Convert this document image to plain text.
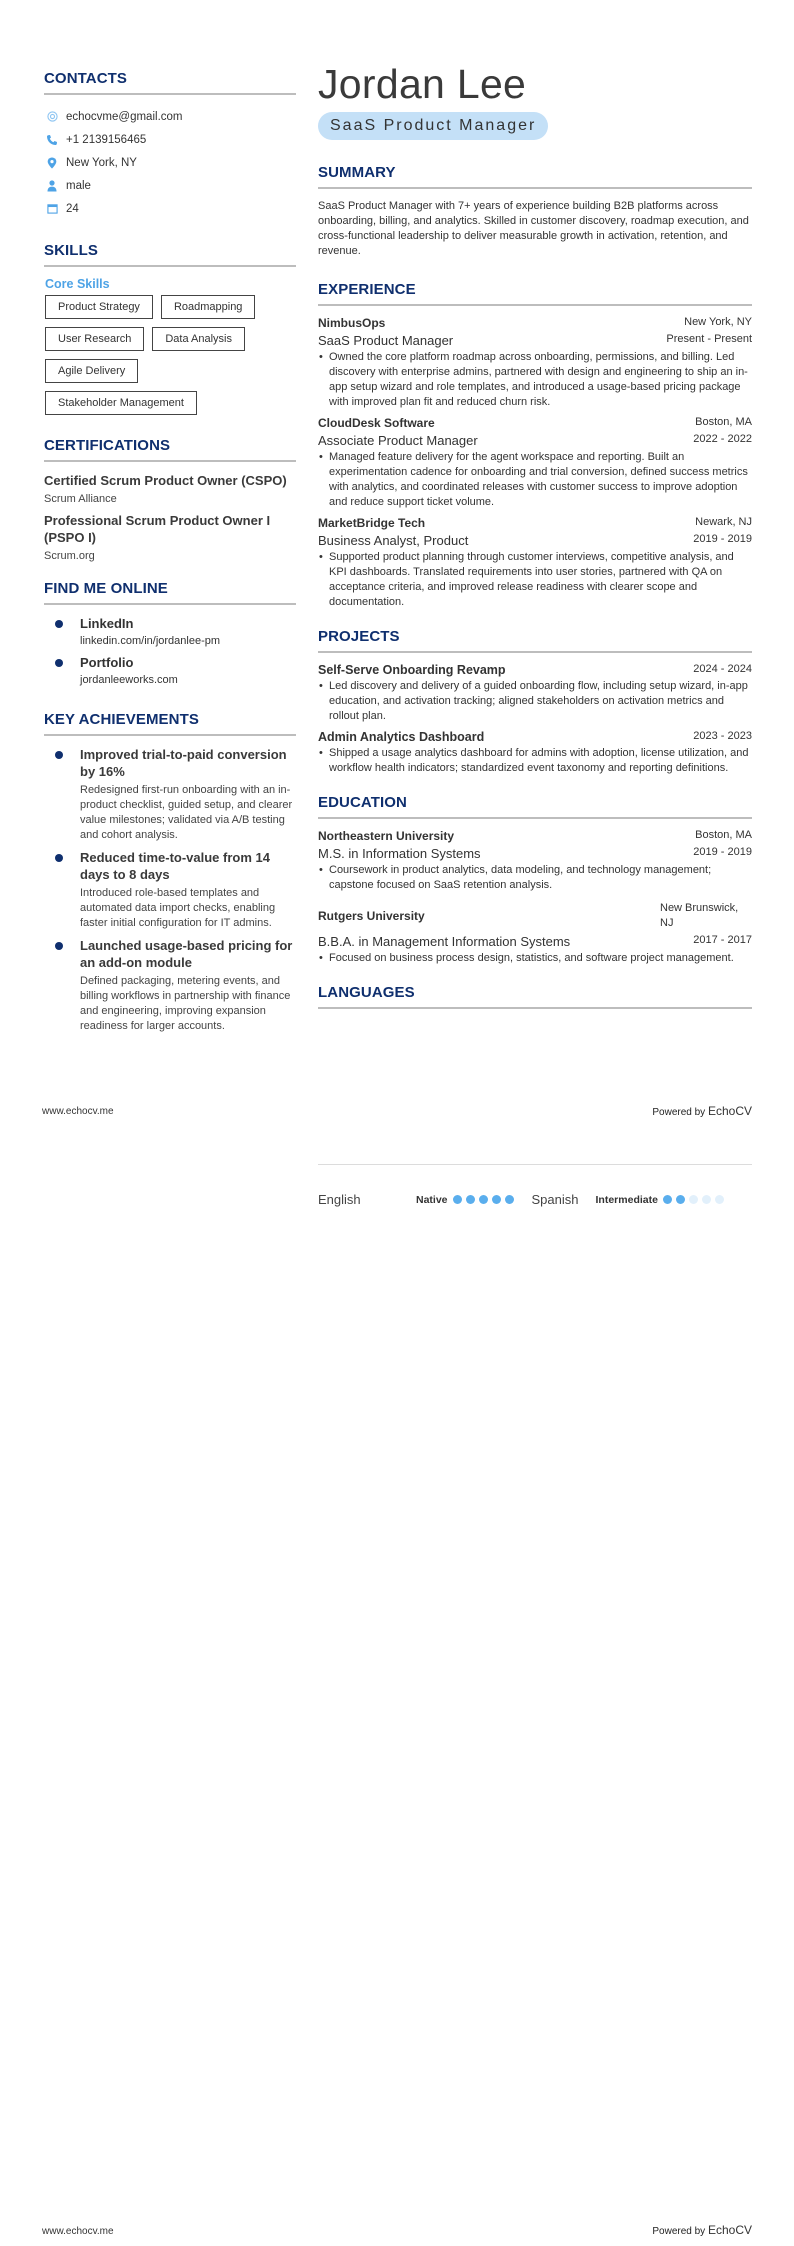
CONTACTS
echocvme@gmail.com
+1 2139156465
New York, NY
male
24
SKILLS
Core Skills
Product Strategy	Roadmapping
User Research	Data Analysis
Agile Delivery
Stakeholder Management
CERTIFICATIONS
Certified Scrum Product Owner (CSPO)
Scrum Alliance
Professional Scrum Product Owner I (PSPO I)
Scrum.org
FIND ME ONLINE
LinkedIn
linkedin.com/in/jordanlee-pm
Portfolio
jordanleeworks.com
KEY ACHIEVEMENTS
Improved trial-to-paid conversion by 16%
Redesigned first-run onboarding with an in-product checklist, guided setup, and clearer value milestones; validated via A/B testing and cohort analysis.
Reduced time-to-value from 14 days to 8 days
Introduced role-based templates and automated data import checks, enabling faster initial configuration for IT admins.
Launched usage-based pricing for an add-on module
Defined packaging, metering events, and billing workflows in partnership with finance and engineering, improving expansion readiness for larger accounts.
Jordan Lee
SaaS Product Manager
SUMMARY

SaaS Product Manager with 7+ years of experience building B2B platforms across onboarding, billing, and analytics. Skilled in customer discovery, roadmap execution, and cross-functional leadership to deliver measurable growth in activation, retention, and revenue.

EXPERIENCE
NimbusOps	New York, NY
SaaS Product Manager	Present - Present
• Owned the core platform roadmap across onboarding, permissions, and billing. Led discovery with enterprise admins, partnered with design and engineering to ship an in-app setup wizard and role templates, and introduced a usage-based pricing package with improved plan fit and reduced churn risk.
CloudDesk Software	Boston, MA
Associate Product Manager	2022 - 2022
• Managed feature delivery for the agent workspace and reporting. Built an experimentation cadence for onboarding and trial conversion, defined success metrics with analytics, and coordinated releases with customer success to improve adoption and reduce support ticket volume.
MarketBridge Tech	Newark, NJ
Business Analyst, Product	2019 - 2019
• Supported product planning through customer interviews, competitive analysis, and KPI dashboards. Translated requirements into user stories, partnered with QA on acceptance criteria, and improved release readiness with clearer scope and documentation.
PROJECTS
Self-Serve Onboarding Revamp	2024 - 2024
• Led discovery and delivery of a guided onboarding flow, including setup wizard, in-app education, and activation tracking; aligned stakeholders on activation metrics and rollout plan.
Admin Analytics Dashboard	2023 - 2023
• Shipped a usage analytics dashboard for admins with adoption, license utilization, and workflow health indicators; standardized event taxonomy and reporting definitions.
EDUCATION
Northeastern University	Boston, MA
M.S. in Information Systems	2019 - 2019
• Coursework in product analytics, data modeling, and technology management; capstone focused on SaaS retention analysis.
Rutgers University
New Brunswick, NJ
B.B.A. in Management Information Systems	2017 - 2017
• Focused on business process design, statistics, and software project management.
LANGUAGES
www.echocv.me	Powered by EchoCV
English	Native	Spanish	Intermediate
www.echocv.me	Powered by EchoCV
